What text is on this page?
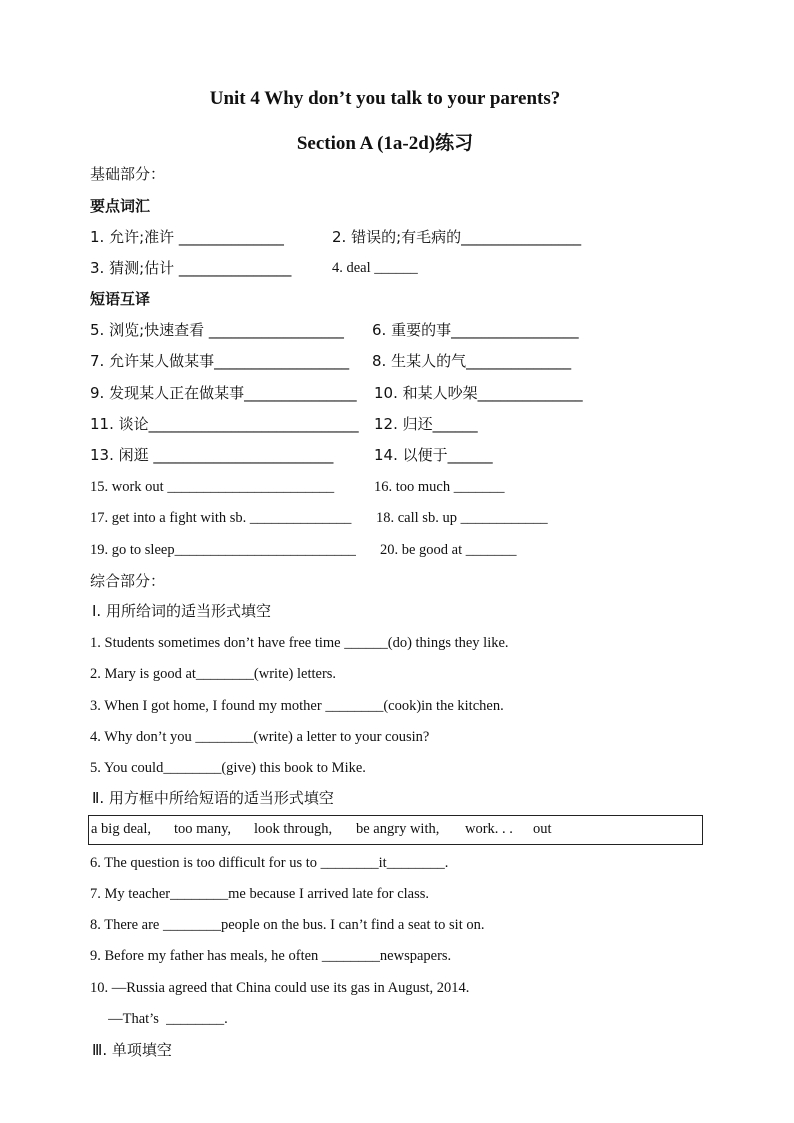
Unit 4 Why don’t you talk to your parents?
Section A (1a-2d)练习
基础部分：
要点词汇
1. 允许;准许 ______________	2. 错误的;有毛病的________________
3. 猜测;估计 _______________	4. deal ______
短语互译
5. 浏览;快速查看 __________________ 6. 重要的事_________________
7. 允许某人做某事__________________ 8. 生某人的气______________
9. 发现某人正在做某事_______________ 10. 和某人吵架______________
11. 谈论____________________________ 12. 归还______
13. 闲逛 ________________________	14. 以便于______
15. work out _______________________	16. too much _______
17. get into a fight with sb. ______________ 18. call sb. up ____________
19. go to sleep_________________________ 20. be good at _______
综合部分：
Ⅰ. 用所给词的适当形式填空
1. Students sometimes don’t have free time ______(do) things they like.
2. Mary is good at________(write) letters.
3. When I got home, I found my mother ________(cook)in the kitchen.
4. Why don’t you ________(write) a letter to your cousin?
5. You could________(give) this book to Mike.
Ⅱ. 用方框中所给短语的适当形式填空
a big deal, too many, look through, be angry with, work. . . out
6. The question is too difficult for us to ________it________.
7. My teacher________me because I arrived late for class.
8. There are ________people on the bus. I can’t find a seat to sit on.
9. Before my father has meals, he often ________newspapers.
10. —Russia agreed that China could use its gas in August, 2014.
—That’s  ________.
Ⅲ. 单项填空
